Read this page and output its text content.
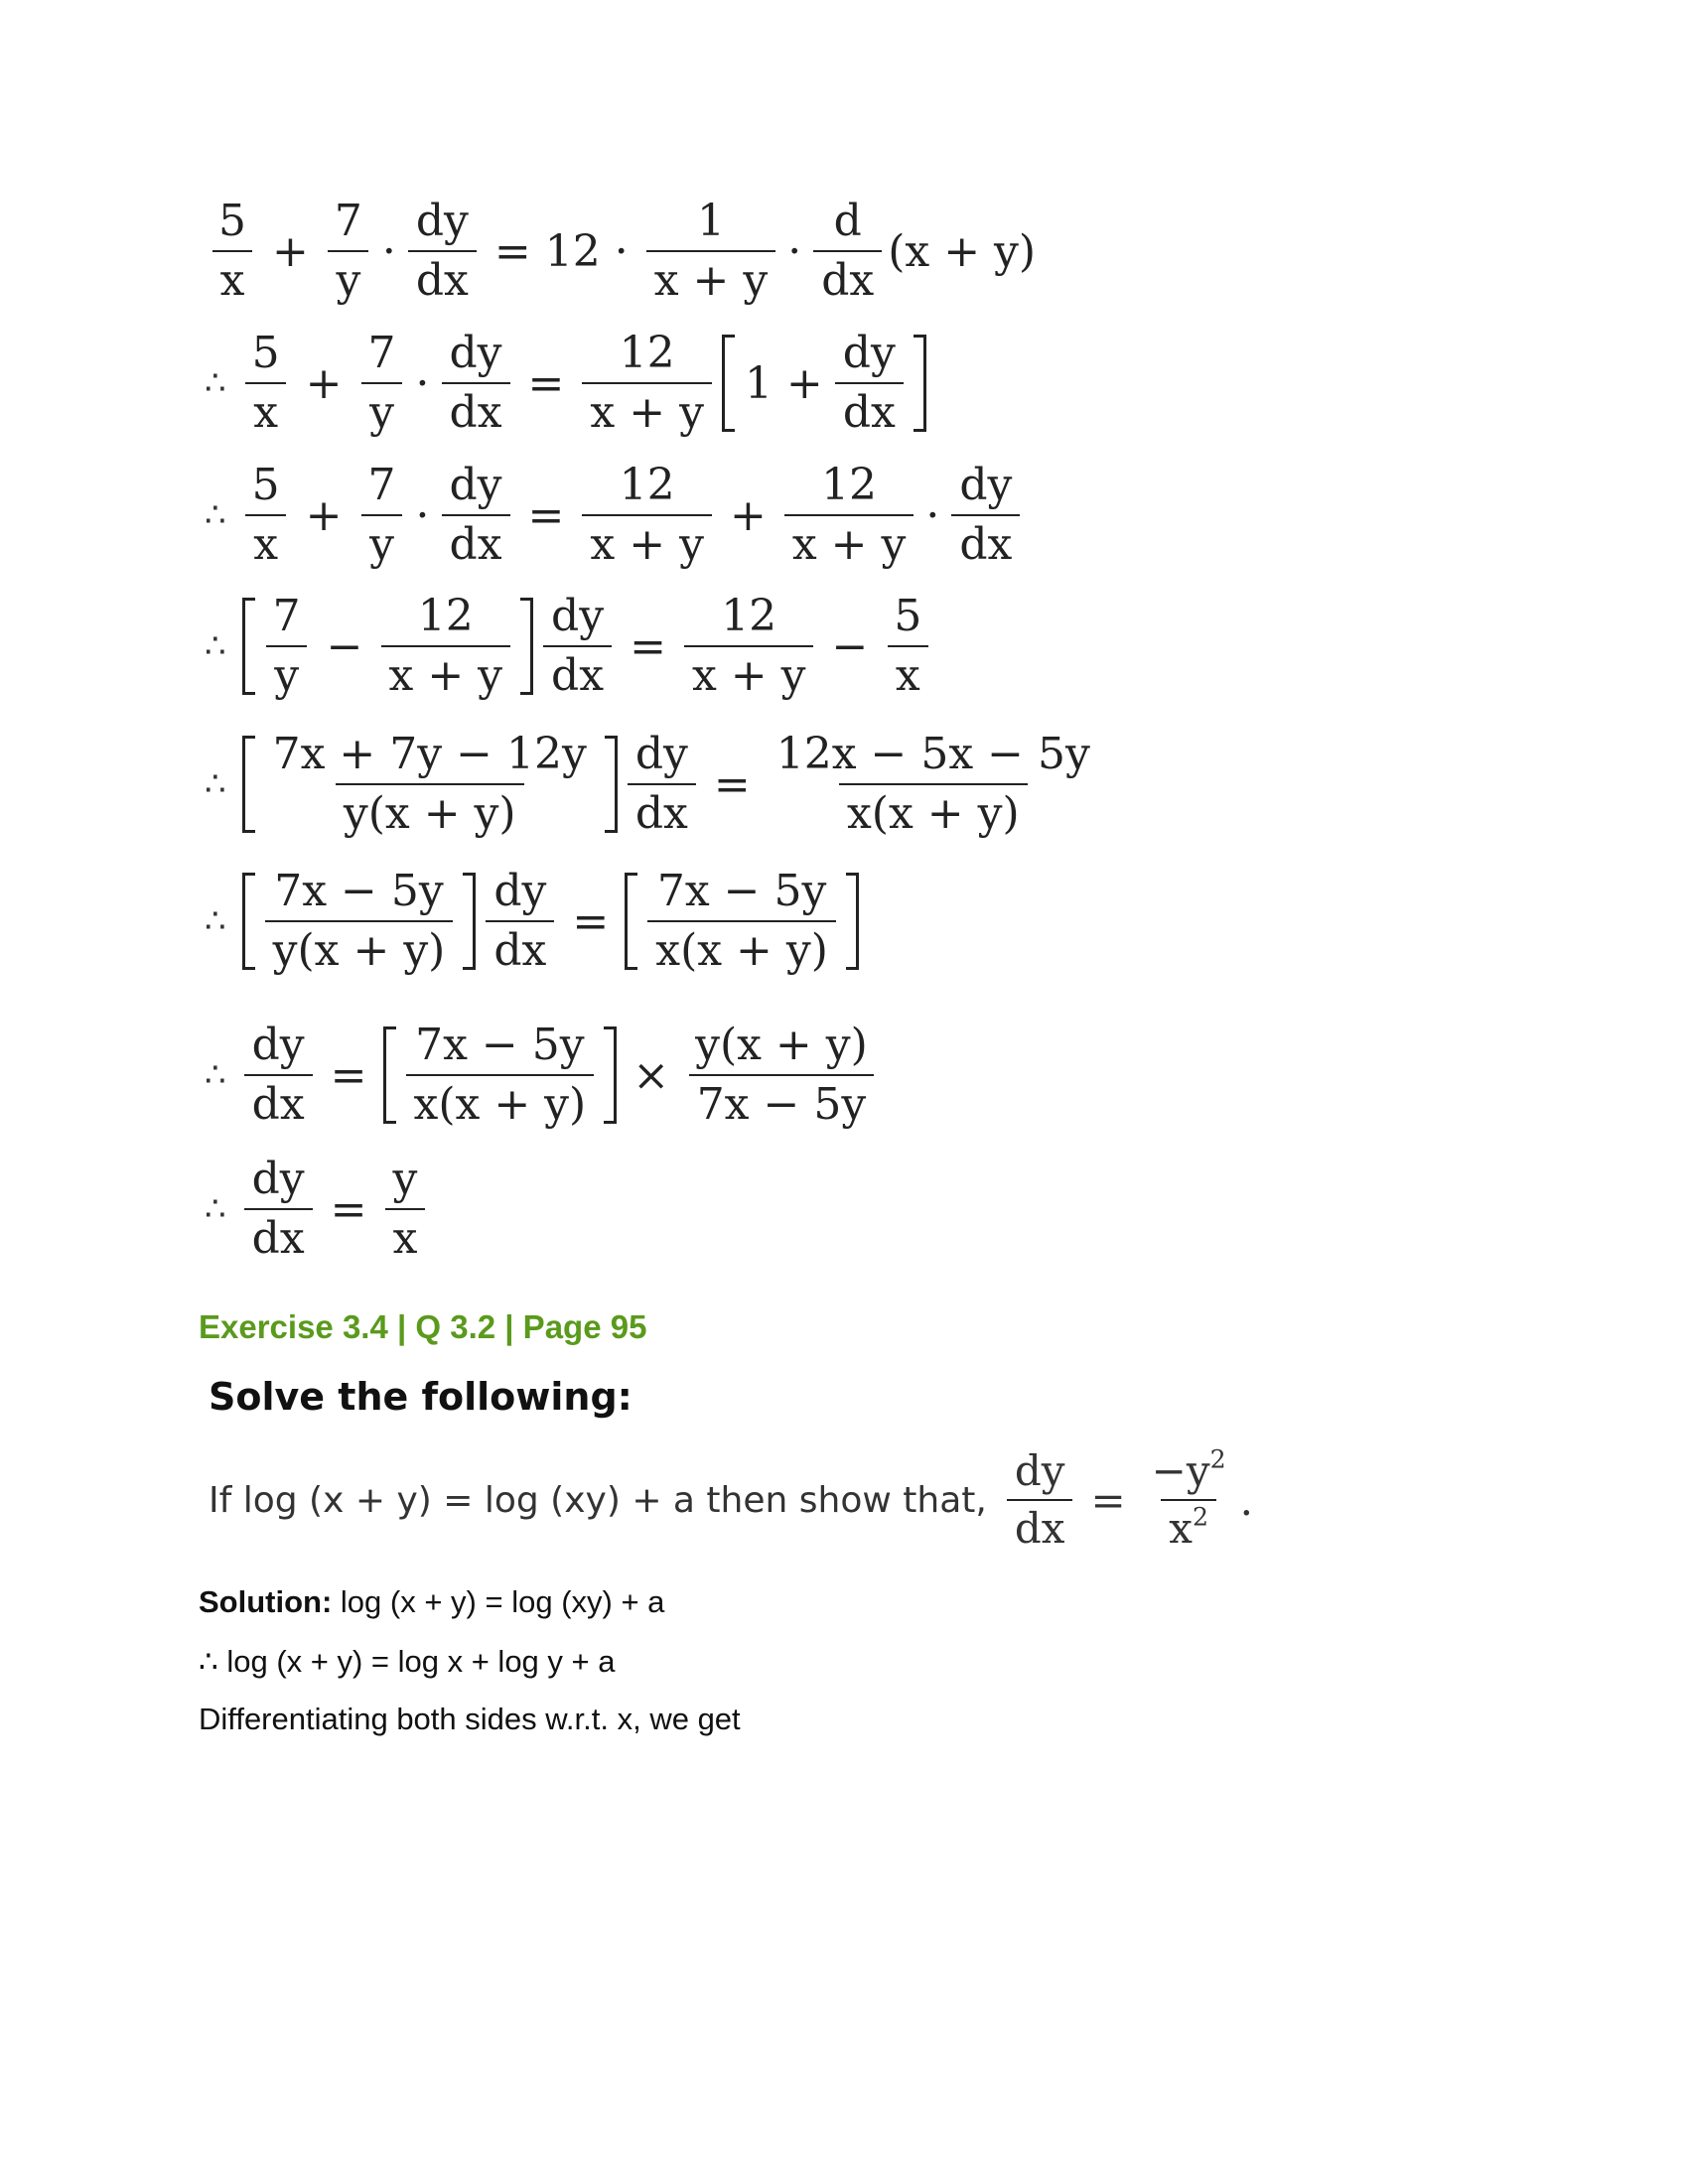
$\frac{5}{x} + \frac{7}{y} \cdot \frac{dy}{dx} = 12 \cdot \frac{1}{x + y} \cdot \frac{d}{dx} (x + y)$
∴ $\frac{5}{x} + \frac{7}{y} \cdot \frac{dy}{dx} = \frac{12}{x + y} 1 + \frac{dy}{dx}$
∴ $\frac{5}{x} + \frac{7}{y} \cdot \frac{dy}{dx} = \frac{12}{x + y} + \frac{12}{x + y} \cdot \frac{dy}{dx}$
∴ $\frac{7}{y} - \frac{12}{x + y} \frac{dy}{dx} = \frac{12}{x + y} - \frac{5}{x}$
∴ $\frac{7x + 7y - 12y}{y(x + y)} \frac{dy}{dx} = \frac{12x - 5x - 5y}{x(x + y)}$
∴ $\frac{7x - 5y}{y(x + y)} \frac{dy}{dx} = \frac{7x - 5y}{x(x + y)}$
∴ $\frac{dy}{dx} = \frac{7x - 5y}{x(x + y)} \times \frac{y(x + y)}{7x - 5y}$
∴ $\frac{dy}{dx} = \frac{y}{x}$
Exercise 3.4 | Q 3.2 | Page 95
Solve the following:
If log (x + y) = log (xy) + a then show that, $\frac{dy}{dx} = \frac{-y^2}{x^2}$ .
Solution: log (x + y) = log (xy) + a
∴ log (x + y) = log x + log y + a
Differentiating both sides w.r.t. x, we get
